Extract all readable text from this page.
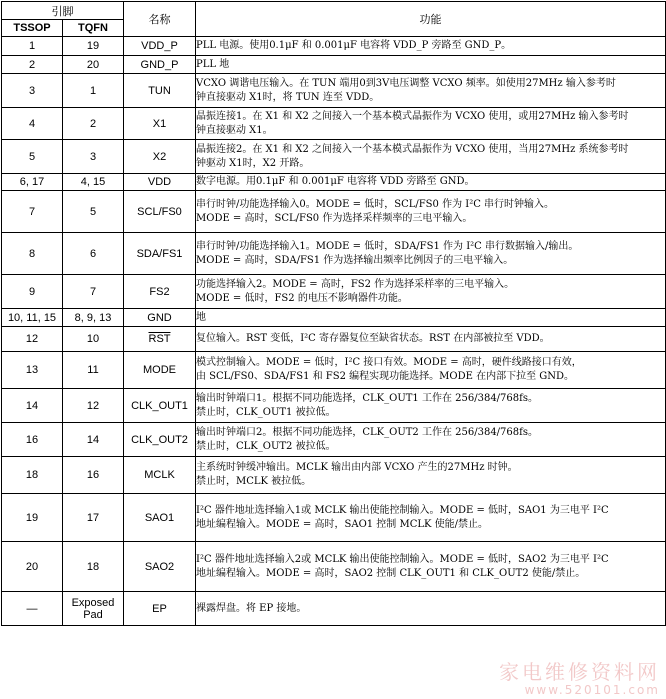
引脚		名称	功能
TSSOP	TQFN		
1	19	VDD_P	PLL 电源。使用0.1μF 和 0.001μF 电容将 VDD_P 旁路至 GND_P。

2	20	GND_P	PLL 地

3	1	TUN	VCXO 调谐电压输入。在 TUN 端用0到3V电压调整 VCXO 频率。如使用27MHz 输入参考时
钟直接驱动 X1时，将 TUN 连至 VDD。

4	2	X1	晶振连接1。在 X1 和 X2 之间接入一个基本模式晶振作为 VCXO 使用，或用27MHz 输入参考时
钟直接驱动 X1。

5	3	X2	晶振连接2。在 X1 和 X2 之间接入一个基本模式晶振作为 VCXO 使用，当用27MHz 系统参考时
钟驱动 X1时，X2 开路。

6, 17	4, 15	VDD	数字电源。用0.1μF 和 0.001μF 电容将 VDD 旁路至 GND。

7	5	SCL/FS0	串行时钟/功能选择输入0。MODE = 低时，SCL/FS0 作为 I²C 串行时钟输入。
MODE = 高时，SCL/FS0 作为选择采样频率的三电平输入。

8	6	SDA/FS1	串行时钟/功能选择输入1。MODE = 低时，SDA/FS1 作为 I²C 串行数据输入/输出。
MODE = 高时，SDA/FS1 作为选择输出频率比例因子的三电平输入。

9	7	FS2	功能选择输入2。MODE = 高时，FS2 作为选择采样率的三电平输入。
MODE = 低时，FS2 的电压不影响器件功能。

10, 11, 15	8, 9, 13	GND	地

12	10	$\overline{RST}$	复位输入。RST 变低，I²C 寄存器复位至缺省状态。RST 在内部被拉至 VDD。

13	11	MODE	模式控制输入。MODE = 低时，I²C 接口有效。MODE = 高时，硬件线路接口有效，
由 SCL/FS0、SDA/FS1 和 FS2 编程实现功能选择。MODE 在内部下拉至 GND。

14	12	CLK_OUT1	输出时钟端口1。根据不同功能选择，CLK_OUT1 工作在 256/384/768fs。
禁止时，CLK_OUT1 被拉低。

16	14	CLK_OUT2	输出时钟端口2。根据不同功能选择，CLK_OUT2 工作在 256/384/768fs。
禁止时，CLK_OUT2 被拉低。

18	16	MCLK	主系统时钟缓冲输出。MCLK 输出由内部 VCXO 产生的27MHz 时钟。
禁止时，MCLK 被拉低。

19	17	SAO1	I²C 器件地址选择输入1或 MCLK 输出使能控制输入。MODE = 低时，SAO1 为三电平 I²C
地址编程输入。MODE = 高时，SAO1 控制 MCLK 使能/禁止。

20	18	SAO2	I²C 器件地址选择输入2或 MCLK 输出使能控制输入。MODE = 低时，SAO2 为三电平 I²C
地址编程输入。MODE = 高时，SAO2 控制 CLK_OUT1 和 CLK_OUT2 使能/禁止。

—	Exposed Pad	EP	裸露焊盘。将 EP 接地。
家电维修资料网
www.520101.com
